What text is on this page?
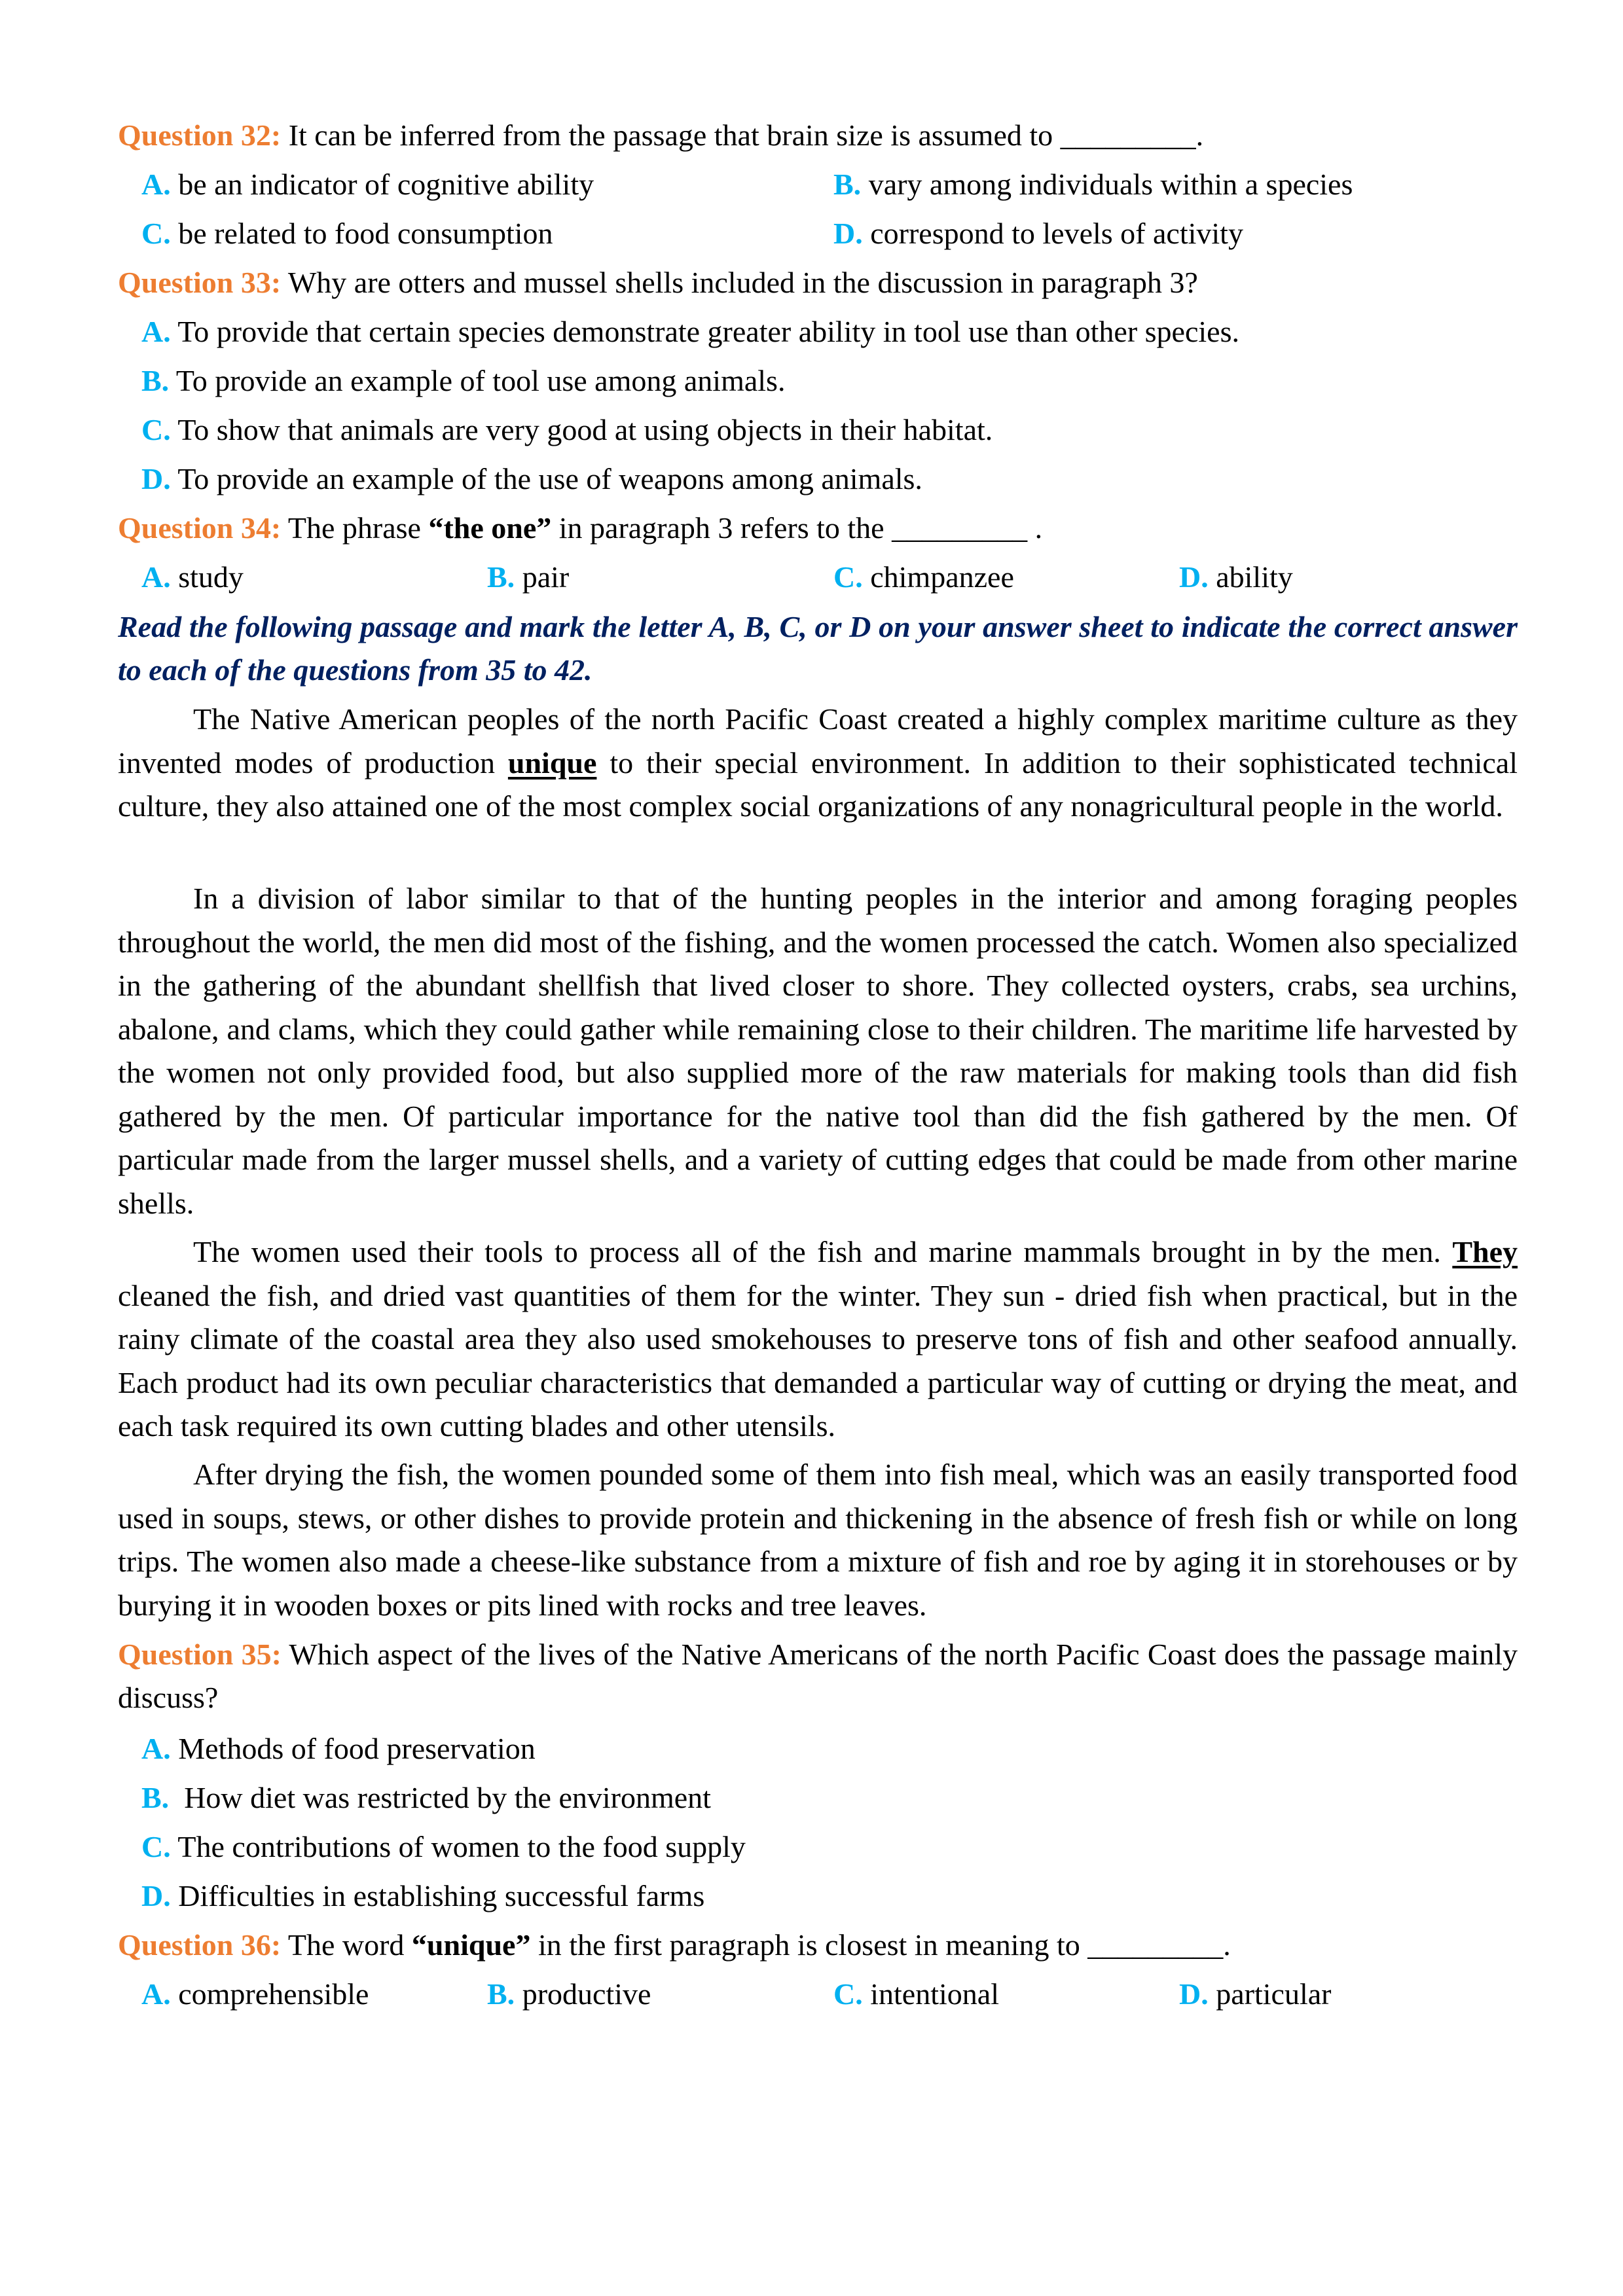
Question 32: It can be inferred from the passage that brain size is assumed to _________.
A. be an indicator of cognitive ability	B. vary among individuals within a species
C. be related to food consumption	D. correspond to levels of activity
Question 33: Why are otters and mussel shells included in the discussion in paragraph 3?
A. To provide that certain species demonstrate greater ability in tool use than other species.
B. To provide an example of tool use among animals.
C. To show that animals are very good at using objects in their habitat.
D. To provide an example of the use of weapons among animals.
Question 34: The phrase “the one” in paragraph 3 refers to the _________ .
A. study	B. pair	C. chimpanzee	D. ability
Read the following passage and mark the letter A, B, C, or D on your answer sheet to indicate the correct answer to each of the questions from 35 to 42.
The Native American peoples of the north Pacific Coast created a highly complex maritime culture as they invented modes of production unique to their special environment. In addition to their sophisticated technical culture, they also attained one of the most complex social organizations of any nonagricultural people in the world.
In a division of labor similar to that of the hunting peoples in the interior and among foraging peoples throughout the world, the men did most of the fishing, and the women processed the catch. Women also specialized in the gathering of the abundant shellfish that lived closer to shore. They collected oysters, crabs, sea urchins, abalone, and clams, which they could gather while remaining close to their children. The maritime life harvested by the women not only provided food, but also supplied more of the raw materials for making tools than did fish gathered by the men. Of particular importance for the native tool than did the fish gathered by the men. Of particular made from the larger mussel shells, and a variety of cutting edges that could be made from other marine shells.
The women used their tools to process all of the fish and marine mammals brought in by the men. They cleaned the fish, and dried vast quantities of them for the winter. They sun - dried fish when practical, but in the rainy climate of the coastal area they also used smokehouses to preserve tons of fish and other seafood annually. Each product had its own peculiar characteristics that demanded a particular way of cutting or drying the meat, and each task required its own cutting blades and other utensils.
After drying the fish, the women pounded some of them into fish meal, which was an easily transported food used in soups, stews, or other dishes to provide protein and thickening in the absence of fresh fish or while on long trips. The women also made a cheese-like substance from a mixture of fish and roe by aging it in storehouses or by burying it in wooden boxes or pits lined with rocks and tree leaves.
Question 35: Which aspect of the lives of the Native Americans of the north Pacific Coast does the passage mainly discuss?
A. Methods of food preservation
B.  How diet was restricted by the environment
C. The contributions of women to the food supply
D. Difficulties in establishing successful farms
Question 36: The word “unique” in the first paragraph is closest in meaning to _________.
A. comprehensible	B. productive	C. intentional	D. particular
